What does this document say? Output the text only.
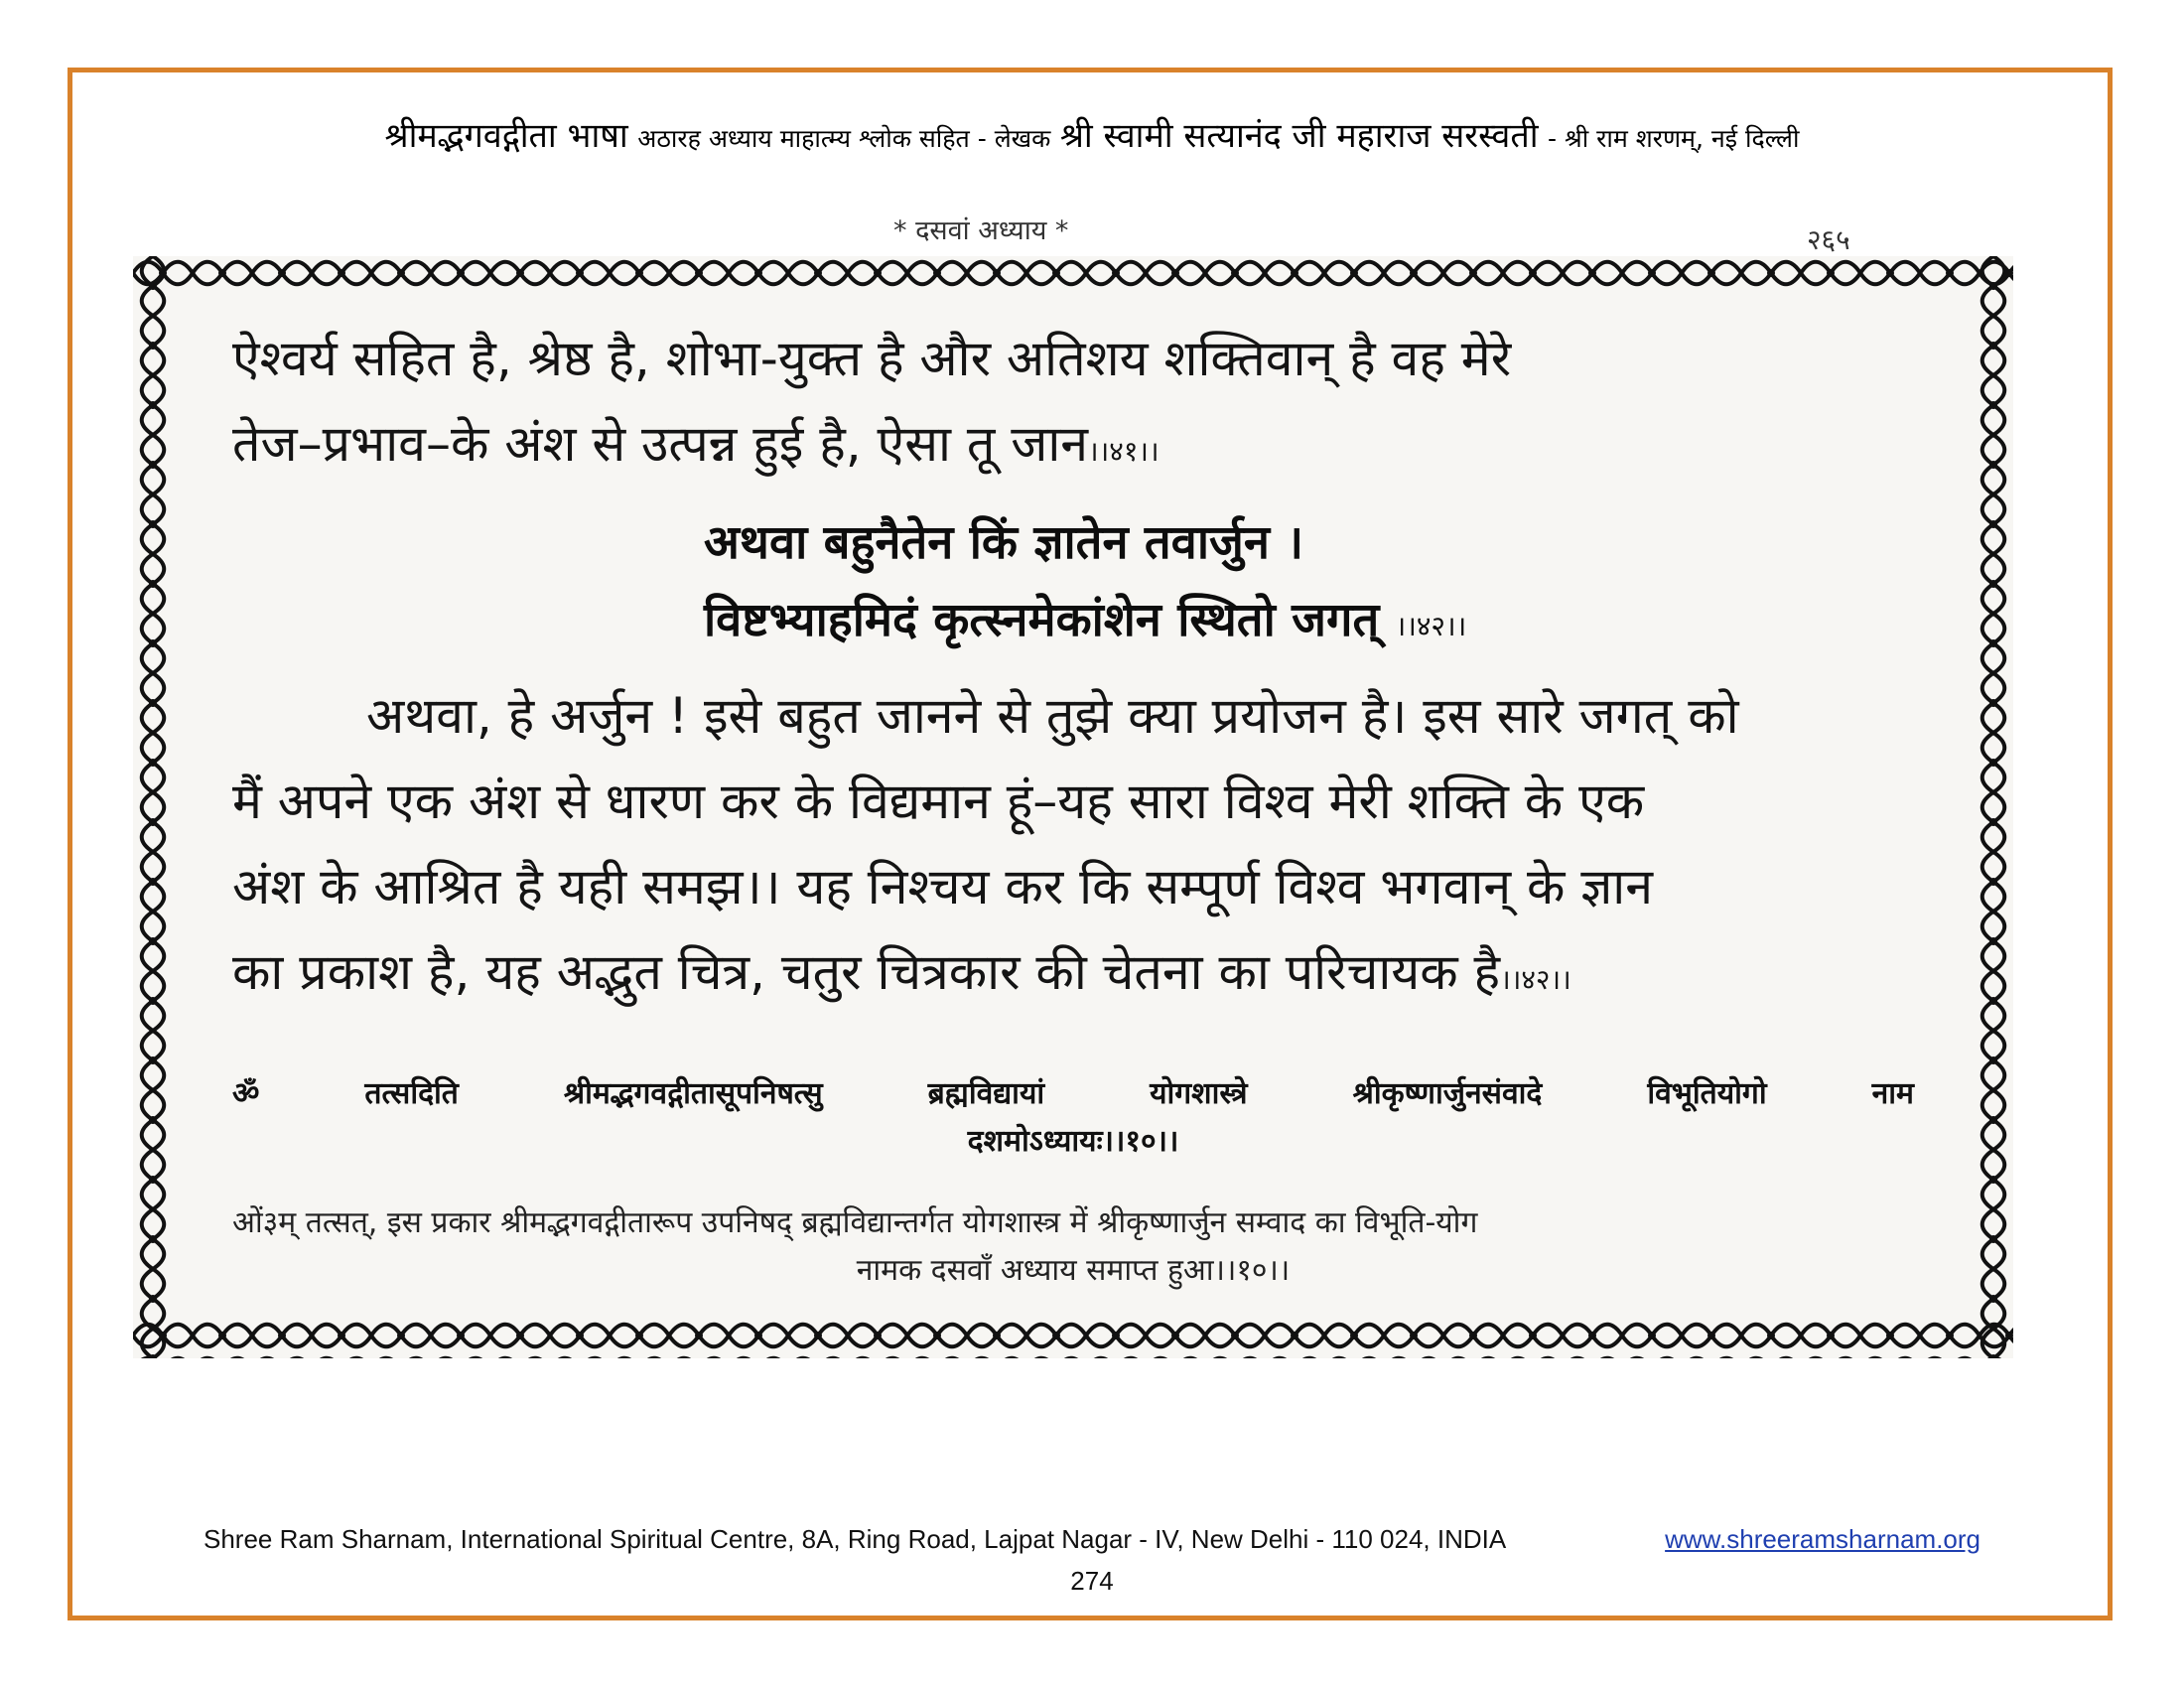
श्रीमद्भगवद्गीता भाषा अठारह अध्याय माहात्म्य श्लोक सहित - लेखक श्री स्वामी सत्यानंद जी महाराज सरस्वती - श्री राम शरणम्, नई दिल्ली
* दसवां अध्याय *	२६५
ऐश्वर्य सहित है, श्रेष्ठ है, शोभा-युक्त है और अतिशय शक्तिवान् है वह मेरे
तेज–प्रभाव–के अंश से उत्पन्न हुई है, ऐसा तू जान।।४१।।
अथवा बहुनैतेन किं ज्ञातेन तवार्जुन ।
विष्टभ्याहमिदं कृत्स्नमेकांशेन स्थितो जगत् ।।४२।।
अथवा, हे अर्जुन ! इसे बहुत जानने से तुझे क्या प्रयोजन है। इस सारे जगत् को
मैं अपने एक अंश से धारण कर के विद्यमान हूं–यह सारा विश्व मेरी शक्ति के एक
अंश के आश्रित है यही समझ।। यह निश्चय कर कि सम्पूर्ण विश्व भगवान् के ज्ञान
का प्रकाश है, यह अद्भुत चित्र, चतुर चित्रकार की चेतना का परिचायक है।।४२।।
ॐ	तत्सदिति	श्रीमद्भगवद्गीतासूपनिषत्सु	ब्रह्मविद्यायां	योगशास्त्रे	श्रीकृष्णार्जुनसंवादे	विभूतियोगो	नाम
दशमोऽध्यायः।।१०।।
ओं३म् तत्सत्, इस प्रकार श्रीमद्भगवद्गीतारूप उपनिषद् ब्रह्मविद्यान्तर्गत योगशास्त्र में श्रीकृष्णार्जुन सम्वाद का विभूति-योग
नामक दसवाँ अध्याय समाप्त हुआ।।१०।।
Shree Ram Sharnam, International Spiritual Centre, 8A, Ring Road, Lajpat Nagar - IV, New Delhi - 110 024, INDIA	www.shreeramsharnam.org
274
